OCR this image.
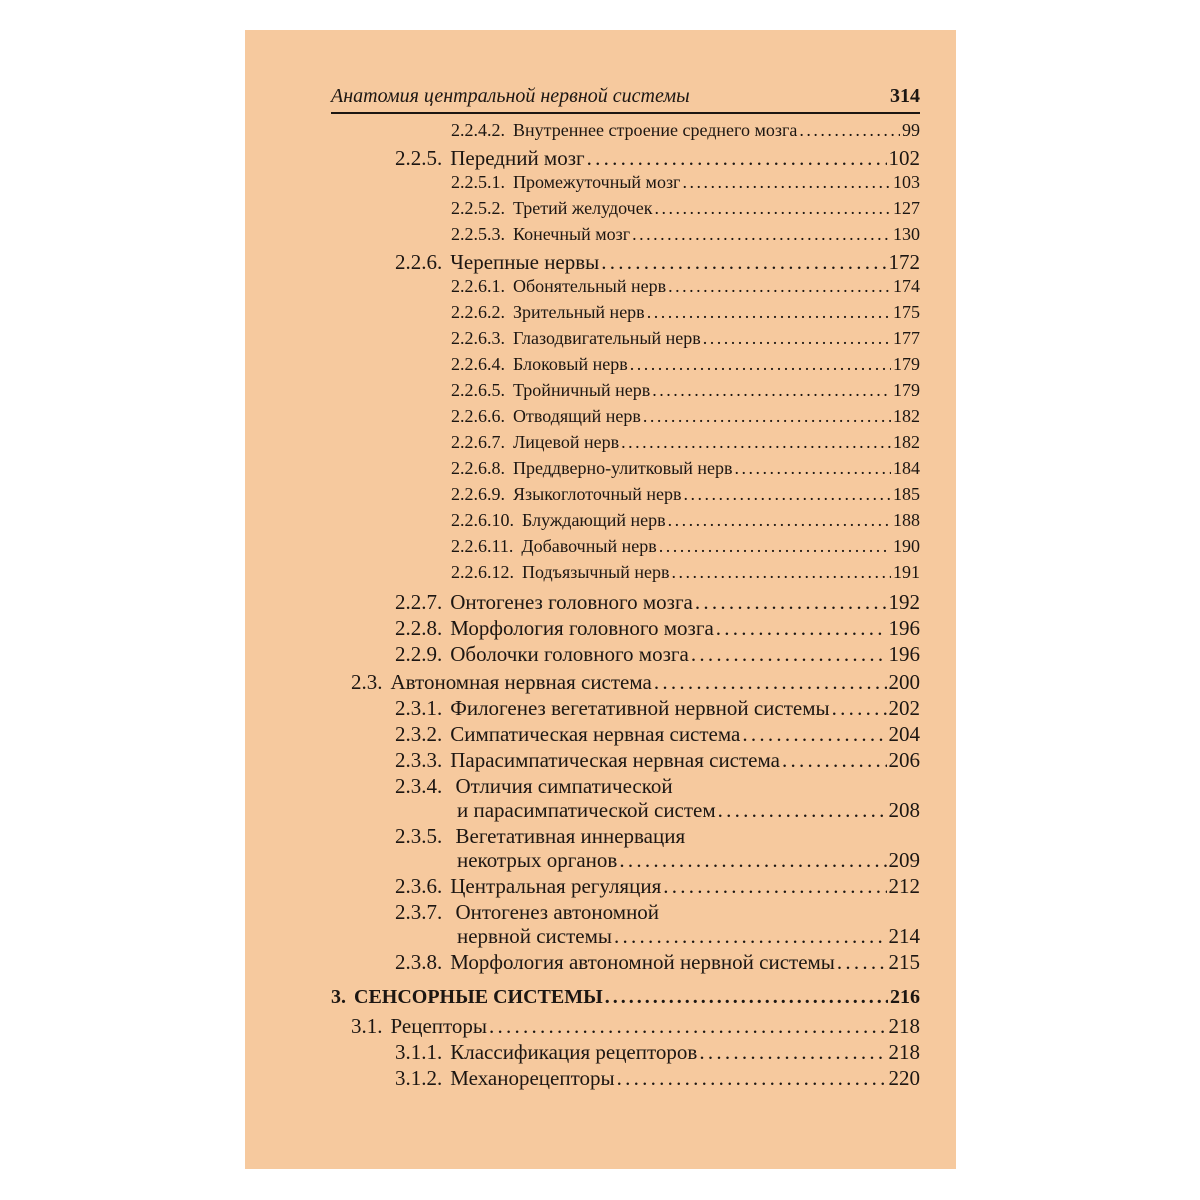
Анатомия центральной нервной системы	314
2.2.4.2. Внутреннее строение среднего мозга . . .	99
2.2.5. Передний мозг . . .	102
2.2.5.1. Промежуточный мозг . . .	103
2.2.5.2. Третий желудочек . . .	127
2.2.5.3. Конечный мозг . . .	130
2.2.6. Черепные нервы . . .	172
2.2.6.1. Обонятельный нерв . . .	174
2.2.6.2. Зрительный нерв . . .	175
2.2.6.3. Глазодвигательный нерв . . .	177
2.2.6.4. Блоковый нерв . . .	179
2.2.6.5. Тройничный нерв . . .	179
2.2.6.6. Отводящий нерв . . .	182
2.2.6.7. Лицевой нерв . . .	182
2.2.6.8. Преддверно-улитковый нерв . . .	184
2.2.6.9. Языкоглоточный нерв . . .	185
2.2.6.10. Блуждающий нерв . . .	188
2.2.6.11. Добавочный нерв . . .	190
2.2.6.12. Подъязычный нерв . . .	191
2.2.7. Онтогенез головного мозга . . .	192
2.2.8. Морфология головного мозга . . .	196
2.2.9. Оболочки головного мозга . . .	196
2.3. Автономная нервная система . . .	200
2.3.1. Филогенез вегетативной нервной системы . . .	202
2.3.2. Симпатическая нервная система . . .	204
2.3.3. Парасимпатическая нервная система . . .	206
2.3.4. Отличия симпатической
и парасимпатической систем . . .	208
2.3.5. Вегетативная иннервация
некотрых органов . . .	209
2.3.6. Центральная регуляция . . .	212
2.3.7. Онтогенез автономной
нервной системы . . .	214
2.3.8. Морфология автономной нервной системы . . .	215
3. СЕНСОРНЫЕ СИСТЕМЫ . . .	216
3.1. Рецепторы . . .	218
3.1.1. Классификация рецепторов . . .	218
3.1.2. Механорецепторы . . .	220
